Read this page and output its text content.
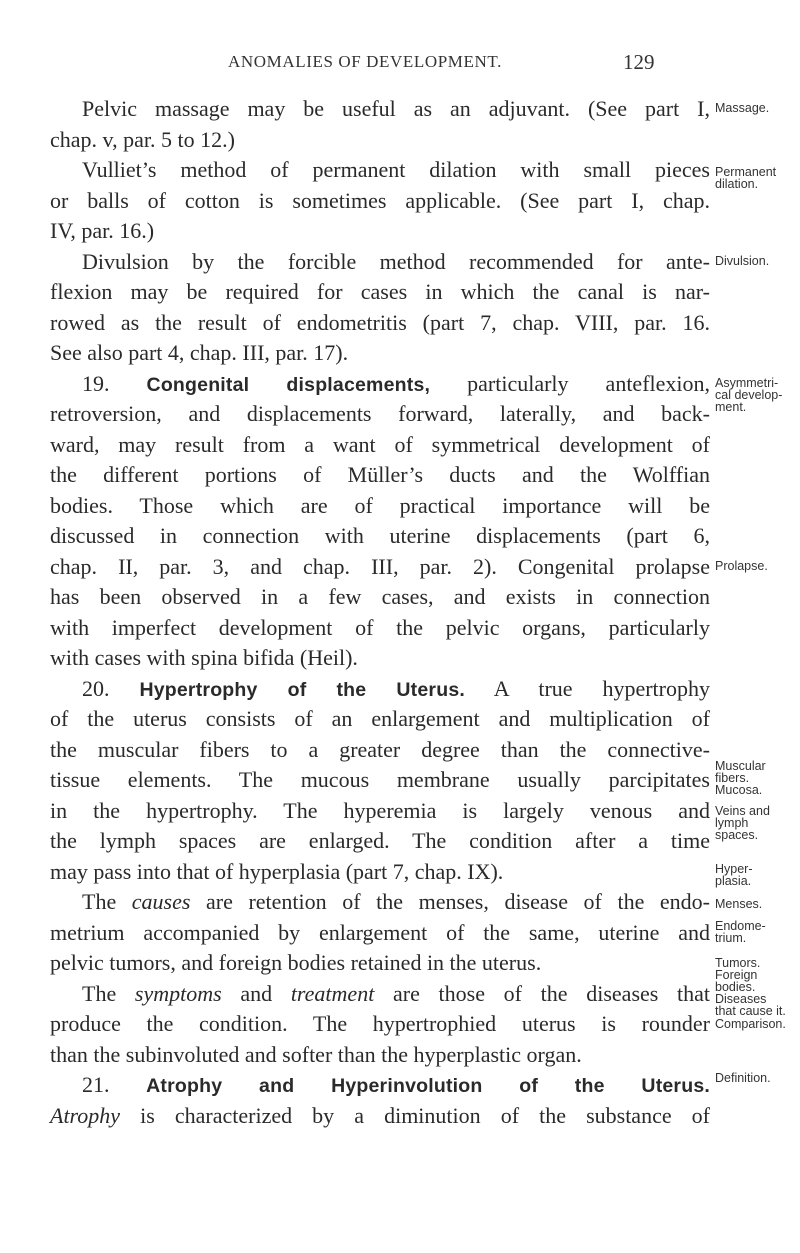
ANOMALIES OF DEVELOPMENT.	129
Pelvic massage may be useful as an adjuvant. (See part I,
chap. v, par. 5 to 12.)
Vulliet’s method of permanent dilation with small pieces
or balls of cotton is sometimes applicable. (See part I, chap.
IV, par. 16.)
Divulsion by the forcible method recommended for ante-
flexion may be required for cases in which the canal is nar-
rowed as the result of endometritis (part 7, chap. VIII, par. 16.
See also part 4, chap. III, par. 17).
19. Congenital displacements, particularly anteflexion,
retroversion, and displacements forward, laterally, and back-
ward, may result from a want of symmetrical development of
the different portions of Müller’s ducts and the Wolffian
bodies. Those which are of practical importance will be
discussed in connection with uterine displacements (part 6,
chap. II, par. 3, and chap. III, par. 2). Congenital prolapse
has been observed in a few cases, and exists in connection
with imperfect development of the pelvic organs, particularly
with cases with spina bifida (Heil).
20. Hypertrophy of the Uterus. A true hypertrophy
of the uterus consists of an enlargement and multiplication of
the muscular fibers to a greater degree than the connective-
tissue elements. The mucous membrane usually parcipitates
in the hypertrophy. The hyperemia is largely venous and
the lymph spaces are enlarged. The condition after a time
may pass into that of hyperplasia (part 7, chap. IX).
The causes are retention of the menses, disease of the endo-
metrium accompanied by enlargement of the same, uterine and
pelvic tumors, and foreign bodies retained in the uterus.
The symptoms and treatment are those of the diseases that
produce the condition. The hypertrophied uterus is rounder
than the subinvoluted and softer than the hyperplastic organ.
21. Atrophy and Hyperinvolution of the Uterus.
Atrophy is characterized by a diminution of the substance of
Massage.
Permanent
dilation.
Divulsion.
Asymmetri-
cal develop-
ment.
Prolapse.
Muscular
fibers.
Mucosa.
Veins and
lymph
spaces.
Hyper-
plasia.
Menses.
Endome-
trium.
Tumors.
Foreign
bodies.
Diseases
that cause it.
Comparison.
Definition.
